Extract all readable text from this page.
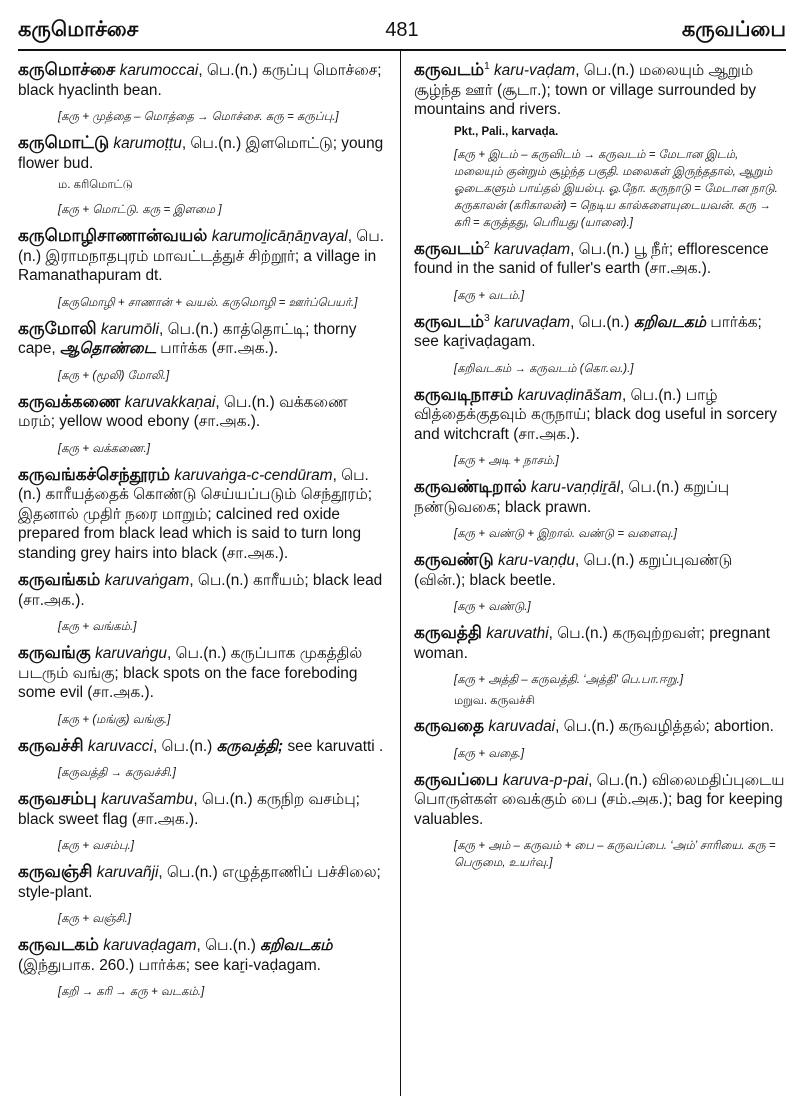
கருமொச்சை	481	கருவப்பை

கருமொச்சை karumoccai, பெ.(n.) கருப்பு மொச்சை; black hyaclinth bean.

[கரு + முத்தை – மொத்தை → மொச்சை. கரு = கருப்பு.]

கருமொட்டு karumoṭṭu, பெ.(n.) இளமொட்டு; young flower bud.

ம. கரிமொட்டு
[கரு + மொட்டு. கரு = இளமை ]

கருமொழிசாணான்வயல் karumoḻicāṇāṉvayal, பெ.(n.) இராமநாதபுரம் மாவட்டத்துச் சிற்றூர்; a village in Ramanathapuram dt.

[கருமொழி + சாணான் + வயல். கருமொழி = ஊர்ப்பெயர்.]

கருமோலி karumōli, பெ.(n.) காத்தொட்டி; thorny cape, ஆதொண்டை பார்க்க (சா.அக.).

[கரு + (மூலி) மோலி.]

கருவக்கணை karuvakkaṇai, பெ.(n.) வக்கணை மரம்; yellow wood ebony (சா.அக.).

[கரு + வக்கணை.]

கருவங்கச்செந்தூரம் karuvaṅga-c-cendūram, பெ.(n.) காரீயத்தைக் கொண்டு செய்யப்படும் செந்தூரம்; இதனால் முதிர் நரை மாறும்; calcined red oxide prepared from black lead which is said to turn long standing grey hairs into black (சா.அக.).

கருவங்கம் karuvaṅgam, பெ.(n.) காரீயம்; black lead (சா.அக.).

[கரு + வங்கம்.]

கருவங்கு karuvaṅgu, பெ.(n.) கருப்பாக முகத்தில் படரும் வங்கு; black spots on the face foreboding some evil (சா.அக.).

[கரு + (மங்கு) வங்கு.]

கருவச்சி karuvacci, பெ.(n.) கருவத்தி; see karuvatti .

[கருவத்தி → கருவச்சி.]

கருவசம்பு karuvašambu, பெ.(n.) கருநிற வசம்பு; black sweet flag (சா.அக.).

[கரு + வசம்பு.]

கருவஞ்சி karuvañji, பெ.(n.) எழுத்தாணிப் பச்சிலை; style-plant.

[கரு + வஞ்சி.]

கருவடகம் karuvaḍagam, பெ.(n.) கறிவடகம் (இந்துபாக. 260.) பார்க்க; see kaṟi-vaḍagam.

[கறி → கரி → கரு + வடகம்.]

கருவடம்$^1$ karu-vaḍam, பெ.(n.) மலையும் ஆறும் சூழ்ந்த ஊர் (சூடா.); town or village surrounded by mountains and rivers.

Pkt., Pali., karvaḍa.
[கரு + இடம் – கருவிடம் → கருவடம் = மேடான இடம், மலையும் குன்றும் சூழ்ந்த பகுதி. மலைகள் இருந்ததால், ஆறும் ஓடைகளும் பாய்தல் இயல்பு. ஓ.நோ. கருநாடு = மேடான நாடு. கருகாலன் (கரிகாலன்) = நெடிய கால்களையுடையவன். கரு → கரி = கருத்தது, பெரியது (யானை).]

கருவடம்$^2$ karuvaḍam, பெ.(n.) பூ நீர்; efflorescence found in the sanid of fuller's earth (சா.அக.).

[கரு + வடம்.]

கருவடம்$^3$ karuvaḍam, பெ.(n.) கறிவடகம் பார்க்க; see kaṟivaḍagam.

[கறிவடகம் → கருவடம் (கொ.வ.).]

கருவடிநாசம் karuvaḍināšam, பெ.(n.) பாழ் வித்தைக்குதவும் கருநாய்; black dog useful in sorcery and witchcraft (சா.அக.).

[கரு + அடி + நாசம்.]

கருவண்டிறால் karu-vaṇḍiṟāl, பெ.(n.) கறுப்பு நண்டுவகை; black prawn.

[கரு + வண்டு + இறால். வண்டு = வளைவு.]

கருவண்டு karu-vaṇḍu, பெ.(n.) கறுப்புவண்டு (வின்.); black beetle.

[கரு + வண்டு.]

கருவத்தி karuvathi, பெ.(n.) கருவுற்றவள்; pregnant woman.

[கரு + அத்தி – கருவத்தி. ‘அத்தி’ பெ.பா.ஈறு.]
மறுவ. கருவச்சி

கருவதை karuvadai, பெ.(n.) கருவழித்தல்; abortion.

[கரு + வதை.]

கருவப்பை karuva-p-pai, பெ.(n.) விலைமதிப்புடைய பொருள்கள் வைக்கும் பை (சம்.அக.); bag for keeping valuables.

[கரு + அம் – கருவம் + பை – கருவப்பை. ‘அம்’ சாரியை. கரு = பெருமை, உயர்வு.]
